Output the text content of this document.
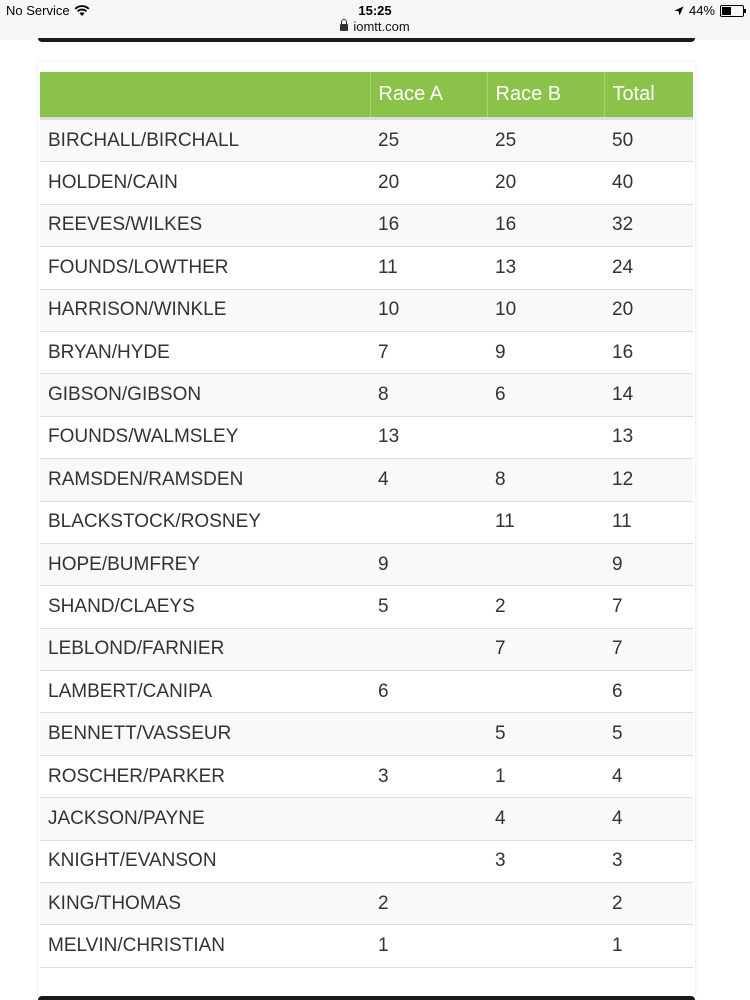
No Service	15:25
iomtt.com
44%
	Race A	Race B	Total
BIRCHALL/BIRCHALL	25	25	50
HOLDEN/CAIN	20	20	40
REEVES/WILKES	16	16	32
FOUNDS/LOWTHER	11	13	24
HARRISON/WINKLE	10	10	20
BRYAN/HYDE	7	9	16
GIBSON/GIBSON	8	6	14
FOUNDS/WALMSLEY	13		13
RAMSDEN/RAMSDEN	4	8	12
BLACKSTOCK/ROSNEY		11	11
HOPE/BUMFREY	9		9
SHAND/CLAEYS	5	2	7
LEBLOND/FARNIER		7	7
LAMBERT/CANIPA	6		6
BENNETT/VASSEUR		5	5
ROSCHER/PARKER	3	1	4
JACKSON/PAYNE		4	4
KNIGHT/EVANSON		3	3
KING/THOMAS	2		2
MELVIN/CHRISTIAN	1		1
